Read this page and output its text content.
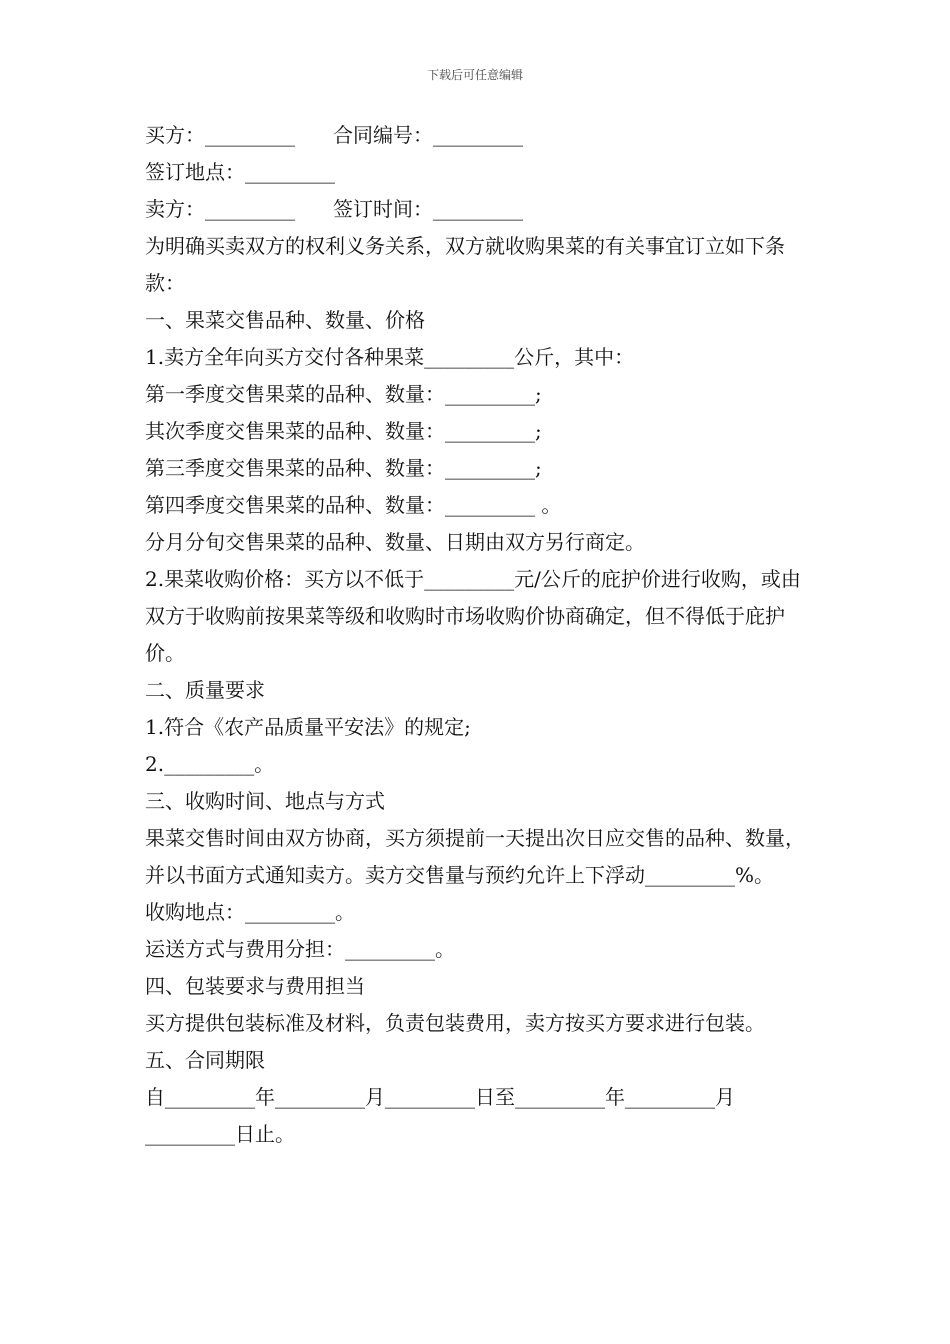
下载后可任意编辑
买方：_________ 合同编号：_________
签订地点：_________
卖方：_________ 签订时间：_________
为明确买卖双方的权利义务关系，双方就收购果菜的有关事宜订立如下条款：
一、果菜交售品种、数量、价格
1.卖方全年向买方交付各种果菜_________公斤，其中：
第一季度交售果菜的品种、数量：_________;
其次季度交售果菜的品种、数量：_________;
第三季度交售果菜的品种、数量：_________;
第四季度交售果菜的品种、数量：_________ 。
分月分旬交售果菜的品种、数量、日期由双方另行商定。
2.果菜收购价格：买方以不低于_________元/公斤的庇护价进行收购，或由双方于收购前按果菜等级和收购时市场收购价协商确定，但不得低于庇护价。
二、质量要求
1.符合《农产品质量平安法》的规定;
2._________。
三、收购时间、地点与方式
果菜交售时间由双方协商，买方须提前一天提出次日应交售的品种、数量，并以书面方式通知卖方。卖方交售量与预约允许上下浮动_________%。
收购地点：_________。
运送方式与费用分担：_________。
四、包装要求与费用担当
买方提供包装标准及材料，负责包装费用，卖方按买方要求进行包装。
五、合同期限
自_________年_________月_________日至_________年_________月_________日止。
